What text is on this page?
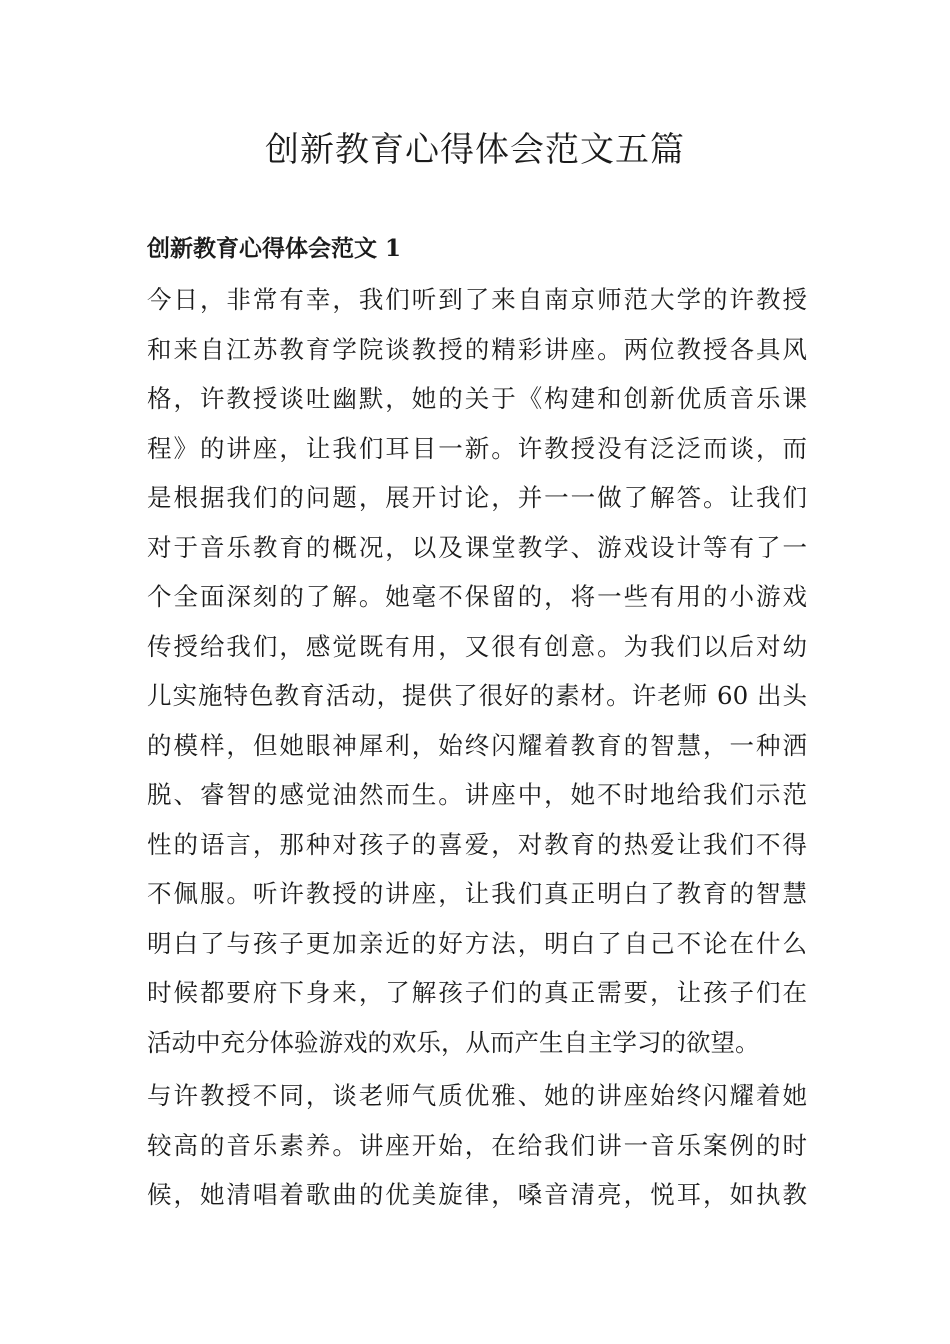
创新教育心得体会范文五篇
创新教育心得体会范文 1
今日，非常有幸，我们听到了来自南京师范大学的许教授
和来自江苏教育学院谈教授的精彩讲座。两位教授各具风
格，许教授谈吐幽默，她的关于《构建和创新优质音乐课
程》的讲座，让我们耳目一新。许教授没有泛泛而谈，而
是根据我们的问题，展开讨论，并一一做了解答。让我们
对于音乐教育的概况，以及课堂教学、游戏设计等有了一
个全面深刻的了解。她毫不保留的，将一些有用的小游戏
传授给我们，感觉既有用，又很有创意。为我们以后对幼
儿实施特色教育活动，提供了很好的素材。许老师 60 出头
的模样，但她眼神犀利，始终闪耀着教育的智慧，一种洒
脱、睿智的感觉油然而生。讲座中，她不时地给我们示范
性的语言，那种对孩子的喜爱，对教育的热爱让我们不得
不佩服。听许教授的讲座，让我们真正明白了教育的智慧
明白了与孩子更加亲近的好方法，明白了自己不论在什么
时候都要府下身来，了解孩子们的真正需要，让孩子们在
活动中充分体验游戏的欢乐，从而产生自主学习的欲望。
与许教授不同，谈老师气质优雅、她的讲座始终闪耀着她
较高的音乐素养。讲座开始，在给我们讲一音乐案例的时
候，她清唱着歌曲的优美旋律，嗓音清亮，悦耳，如执教
